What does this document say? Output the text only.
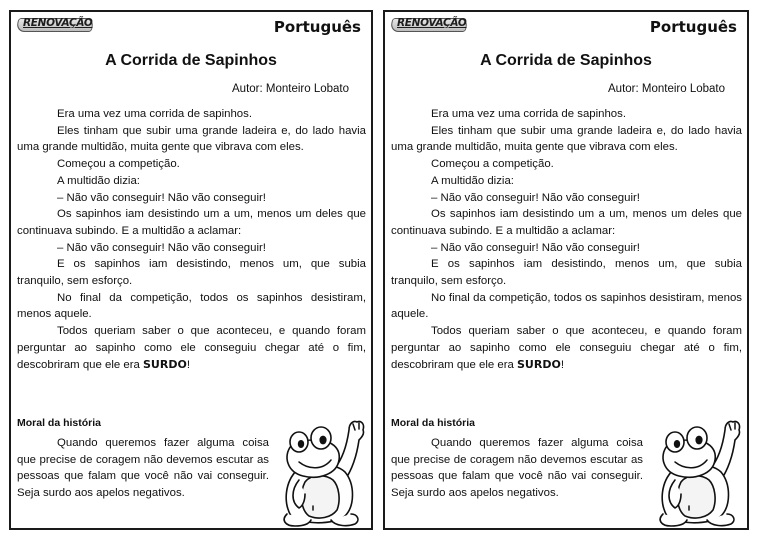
RENOVAÇÃO	Português
A Corrida de Sapinhos
Autor: Monteiro Lobato

Era uma vez uma corrida de sapinhos.

Eles tinham que subir uma grande ladeira e, do lado havia uma grande multidão, muita gente que vibrava com eles.

Começou a competição.

A multidão dizia:

– Não vão conseguir! Não vão conseguir!

Os sapinhos iam desistindo um a um, menos um deles que continuava subindo. E a multidão a aclamar:

– Não vão conseguir! Não vão conseguir!

E os sapinhos iam desistindo, menos um, que subia tranquilo, sem esforço.

No final da competição, todos os sapinhos desistiram, menos aquele.

Todos queriam saber o que aconteceu, e quando foram perguntar ao sapinho como ele conseguiu chegar até o fim, descobriram que ele era SURDO!

Moral da história

Quando queremos fazer alguma coisa que precise de coragem não devemos escutar as pessoas que falam que você não vai conseguir. Seja surdo aos apelos negativos.

RENOVAÇÃO	Português
A Corrida de Sapinhos
Autor: Monteiro Lobato

Era uma vez uma corrida de sapinhos.

Eles tinham que subir uma grande ladeira e, do lado havia uma grande multidão, muita gente que vibrava com eles.

Começou a competição.

A multidão dizia:

– Não vão conseguir! Não vão conseguir!

Os sapinhos iam desistindo um a um, menos um deles que continuava subindo. E a multidão a aclamar:

– Não vão conseguir! Não vão conseguir!

E os sapinhos iam desistindo, menos um, que subia tranquilo, sem esforço.

No final da competição, todos os sapinhos desistiram, menos aquele.

Todos queriam saber o que aconteceu, e quando foram perguntar ao sapinho como ele conseguiu chegar até o fim, descobriram que ele era SURDO!

Moral da história

Quando queremos fazer alguma coisa que precise de coragem não devemos escutar as pessoas que falam que você não vai conseguir. Seja surdo aos apelos negativos.
